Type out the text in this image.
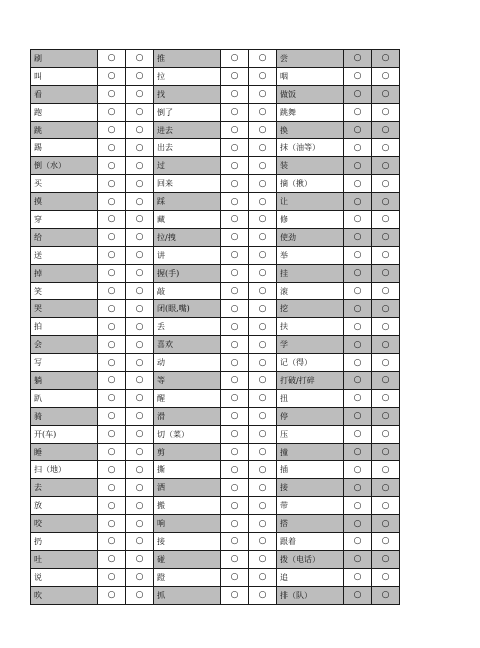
刷	○	○	推	○	○	尝	○	○
叫	○	○	拉	○	○	咽	○	○
看	○	○	找	○	○	做饭	○	○
跑	○	○	倒了	○	○	跳舞	○	○
跳	○	○	进去	○	○	换	○	○
踢	○	○	出去	○	○	抹（油等）	○	○
倒（水）	○	○	过	○	○	装	○	○
买	○	○	回来	○	○	摘（揪）	○	○
摸	○	○	踩	○	○	让	○	○
穿	○	○	藏	○	○	修	○	○
给	○	○	拉/拽	○	○	使劲	○	○
送	○	○	讲	○	○	举	○	○
掉	○	○	握(手)	○	○	挂	○	○
笑	○	○	敲	○	○	滚	○	○
哭	○	○	闭(眼,嘴)	○	○	挖	○	○
拍	○	○	丢	○	○	扶	○	○
会	○	○	喜欢	○	○	学	○	○
写	○	○	动	○	○	记（得）	○	○
躺	○	○	等	○	○	打破/打碎	○	○
趴	○	○	醒	○	○	扭	○	○
骑	○	○	滑	○	○	停	○	○
开(车)	○	○	切（菜）	○	○	压	○	○
睡	○	○	剪	○	○	撞	○	○
扫（地）	○	○	撕	○	○	插	○	○
去	○	○	洒	○	○	接	○	○
放	○	○	搬	○	○	带	○	○
咬	○	○	响	○	○	搭	○	○
扔	○	○	接	○	○	跟着	○	○
吐	○	○	碰	○	○	拨（电话）	○	○
说	○	○	蹬	○	○	追	○	○
吹	○	○	抓	○	○	排（队）	○	○
